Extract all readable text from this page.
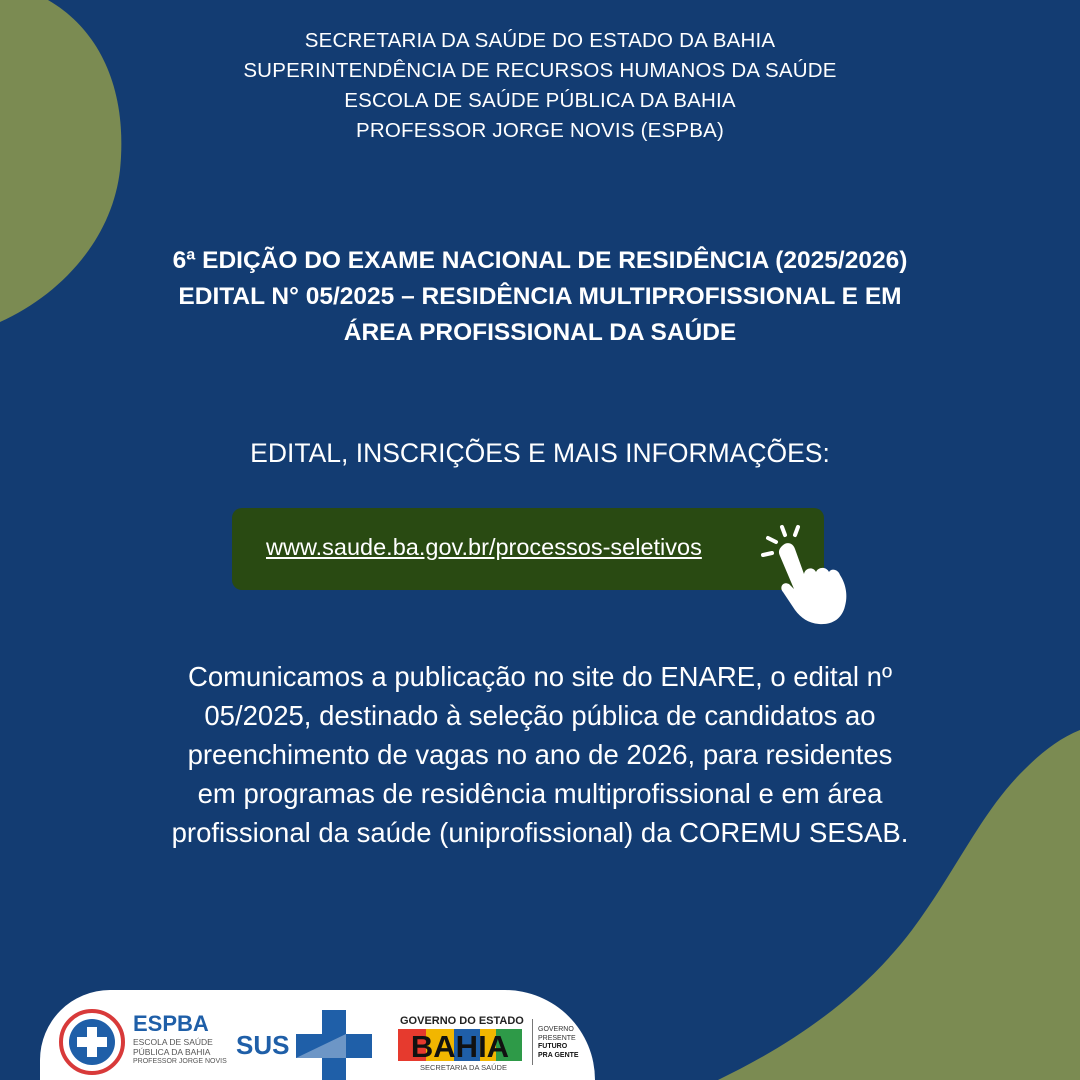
SECRETARIA DA SAÚDE DO ESTADO DA BAHIA
SUPERINTENDÊNCIA DE RECURSOS HUMANOS DA SAÚDE
ESCOLA DE SAÚDE PÚBLICA DA BAHIA
PROFESSOR JORGE NOVIS (ESPBA)
6ª EDIÇÃO DO EXAME NACIONAL DE RESIDÊNCIA (2025/2026)
EDITAL N° 05/2025 – RESIDÊNCIA MULTIPROFISSIONAL E EM
ÁREA PROFISSIONAL DA SAÚDE
EDITAL, INSCRIÇÕES E MAIS INFORMAÇÕES:
www.saude.ba.gov.br/processos-seletivos
Comunicamos a publicação no site do ENARE, o edital nº
05/2025, destinado à seleção pública de candidatos ao
preenchimento de vagas no ano de 2026, para residentes
em programas de residência multiprofissional e em área
profissional da saúde (uniprofissional) da COREMU SESAB.
ESPBA
ESCOLA DE SAÚDE
PÚBLICA DA BAHIA
PROFESSOR JORGE NOVIS
SUS
GOVERNO DO ESTADO
BAHIA
SECRETARIA DA SAÚDE
GOVERNO
PRESENTE
FUTURO
PRA GENTE
